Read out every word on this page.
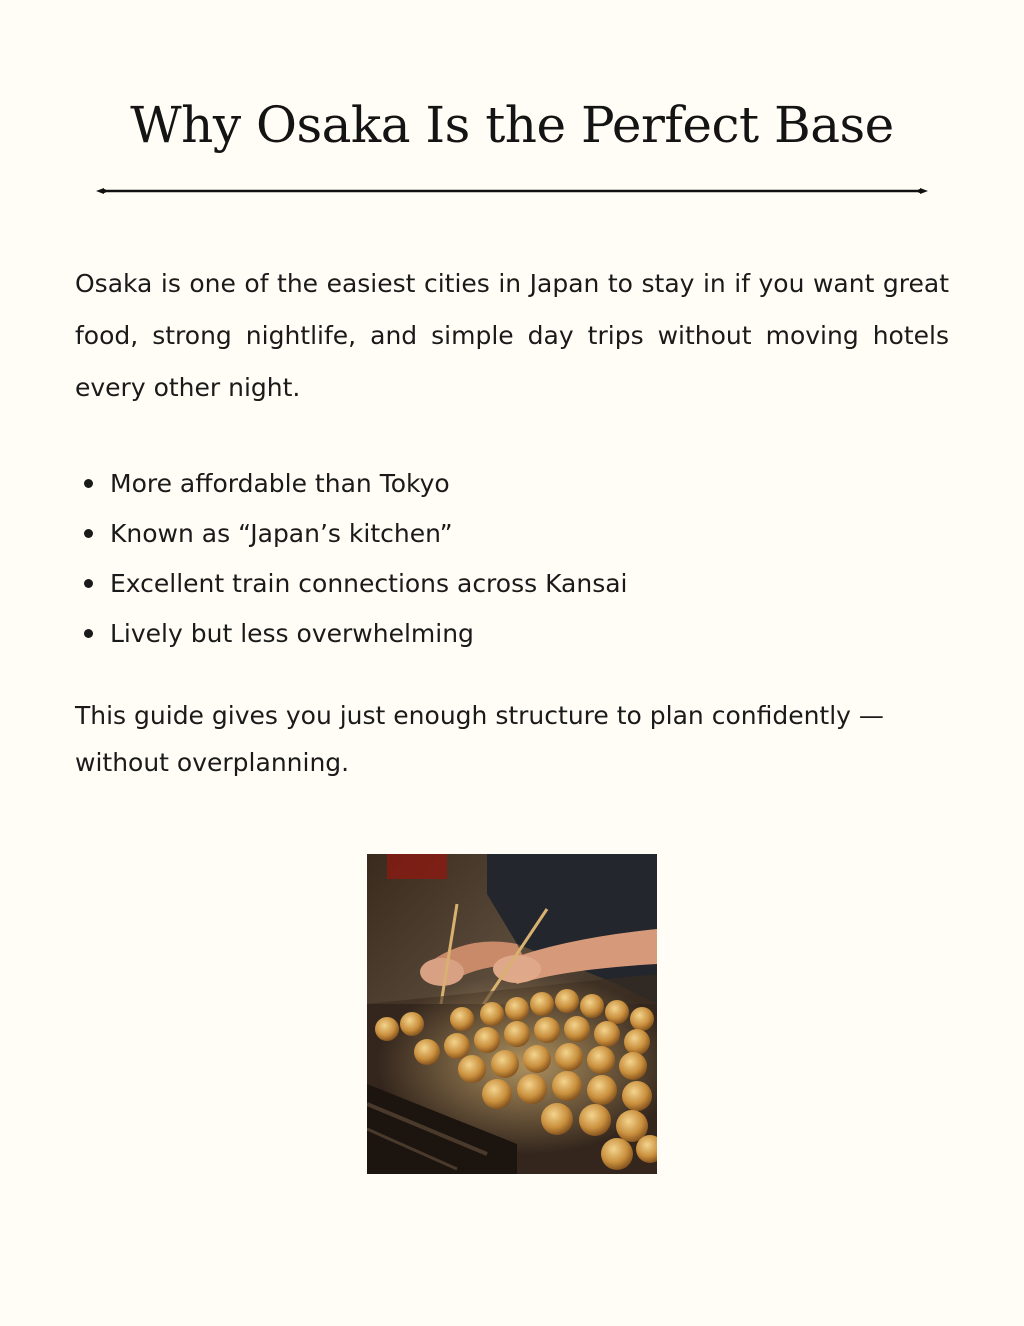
Why Osaka Is the Perfect Base

Osaka is one of the easiest cities in Japan to stay in if you want great food, strong nightlife, and simple day trips without moving hotels every other night.

More affordable than Tokyo
Known as “Japan’s kitchen”
Excellent train connections across Kansai
Lively but less overwhelming

This guide gives you just enough structure to plan confidently — without overplanning.
